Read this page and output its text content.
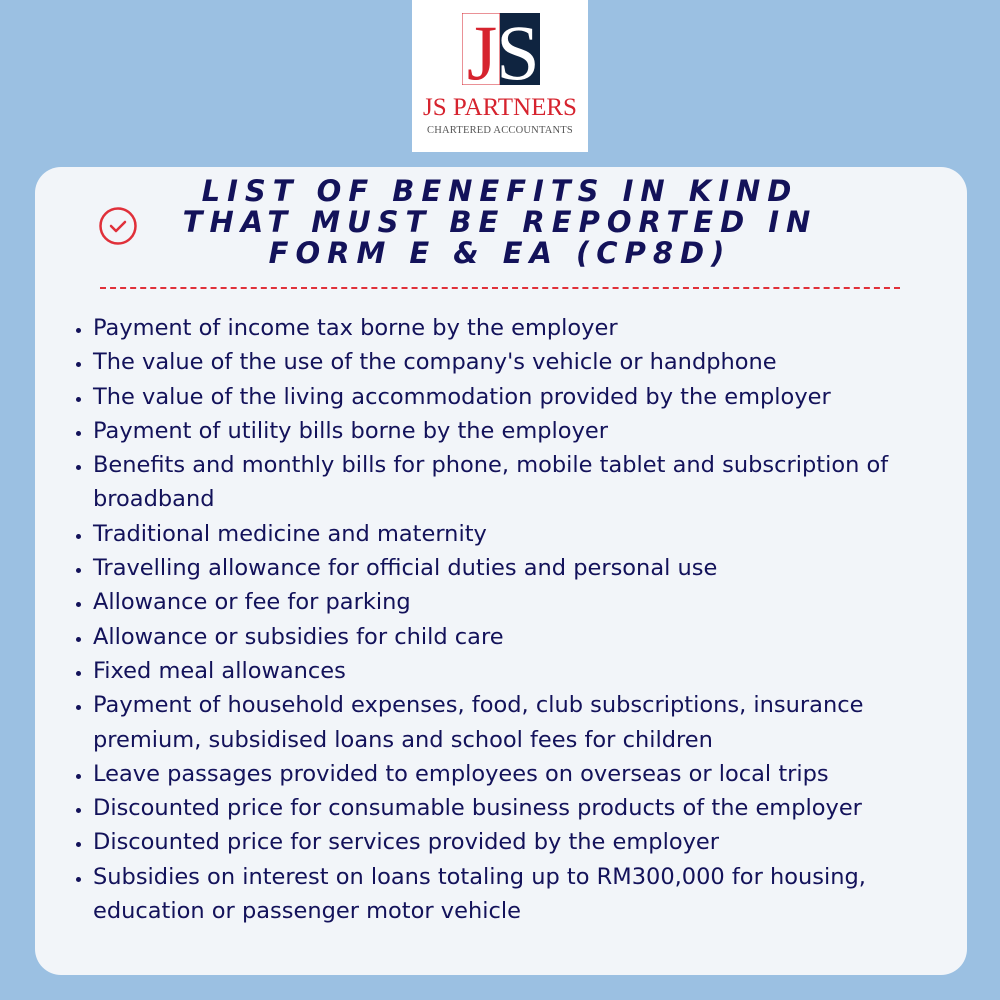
J S
JS PARTNERS
CHARTERED ACCOUNTANTS
LIST OF BENEFITS IN KIND
THAT MUST BE REPORTED IN
FORM E & EA (CP8D)
• Payment of income tax borne by the employer
• The value of the use of the company's vehicle or handphone
• The value of the living accommodation provided by the employer
• Payment of utility bills borne by the employer
• Benefits and monthly bills for phone, mobile tablet and subscription of broadband
• Traditional medicine and maternity
• Travelling allowance for official duties and personal use
• Allowance or fee for parking
• Allowance or subsidies for child care
• Fixed meal allowances
• Payment of household expenses, food, club subscriptions, insurance premium, subsidised loans and school fees for children
• Leave passages provided to employees on overseas or local trips
• Discounted price for consumable business products of the employer
• Discounted price for services provided by the employer
• Subsidies on interest on loans totaling up to RM300,000 for housing, education or passenger motor vehicle
